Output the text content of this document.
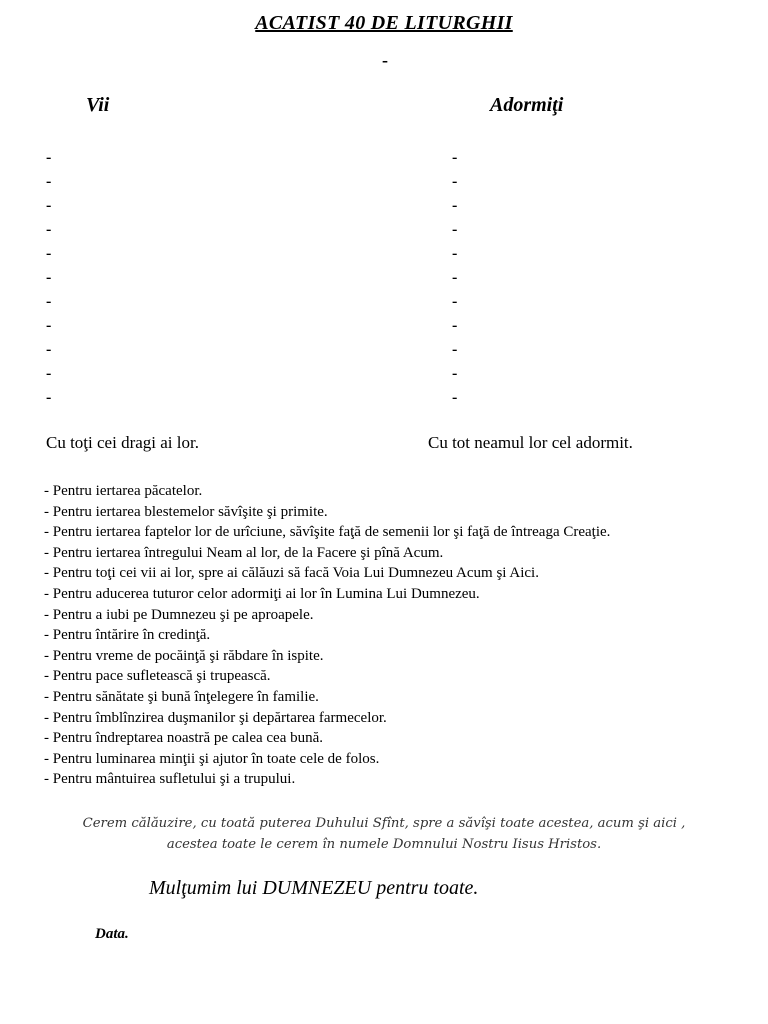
ACATIST 40 DE LITURGHII
-
Vii	Adormiţi
-
-
-
-
-
-
-
-
-
-
-
-
-
-
-
-
-
-
-
-
-
-
Cu toţi cei dragi ai lor.	Cu tot neamul lor cel adormit.
- Pentru iertarea păcatelor.
- Pentru iertarea blestemelor săvîşite şi primite.
- Pentru iertarea faptelor lor de urîciune, săvîşite faţă de semenii lor şi faţă de întreaga Creaţie.
- Pentru iertarea întregului Neam al lor, de la Facere şi pînă Acum.
- Pentru toţi cei vii ai lor, spre ai călăuzi să facă Voia Lui Dumnezeu Acum şi Aici.
- Pentru aducerea tuturor celor adormiţi ai lor în Lumina Lui Dumnezeu.
- Pentru a iubi pe Dumnezeu şi pe aproapele.
- Pentru întărire în credinţă.
- Pentru vreme de pocăinţă şi răbdare în ispite.
- Pentru pace sufletească şi trupească.
- Pentru sănătate şi bună înţelegere în familie.
- Pentru îmblînzirea duşmanilor şi depărtarea farmecelor.
- Pentru îndreptarea noastră pe calea cea bună.
- Pentru luminarea minţii şi ajutor în toate cele de folos.
- Pentru mântuirea sufletului şi a trupului.
Cerem călăuzire, cu toată puterea Duhului Sfînt, spre a săvîşi toate acestea, acum şi aici ,
acestea toate le cerem în numele Domnului Nostru Iisus Hristos.
Mulţumim lui DUMNEZEU pentru toate.
Data.
